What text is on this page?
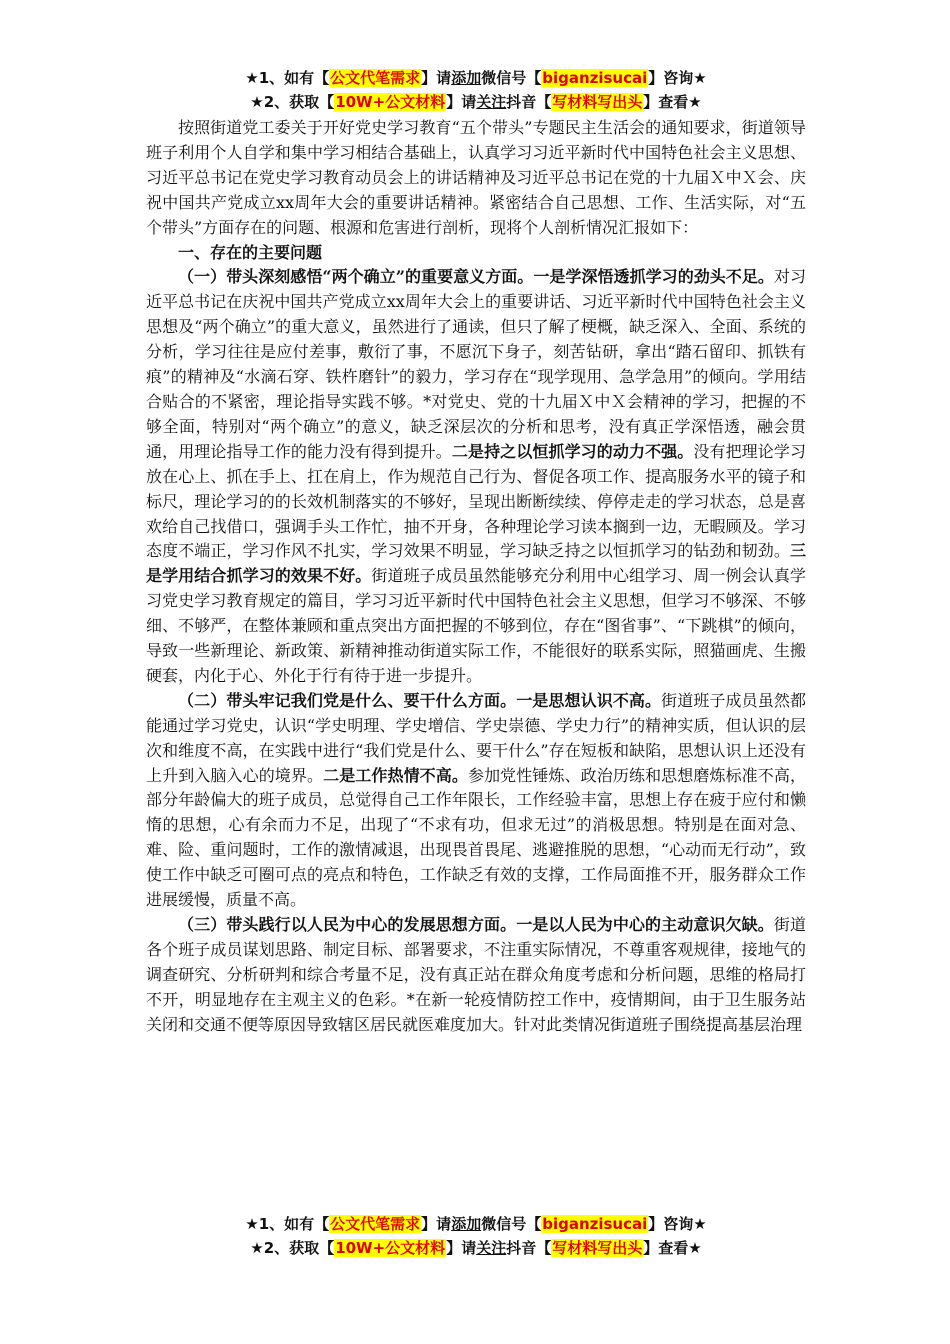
★1、如有【公文代笔需求】请添加微信号【biganzisucai】咨询★
★2、获取【10W+公文材料】请关注抖音【写材料写出头】查看★

按照街道党工委关于开好党史学习教育“五个带头”专题民主生活会的通知要求，街道领导班子利用个人自学和集中学习相结合基础上，认真学习习近平新时代中国特色社会主义思想、习近平总书记在党史学习教育动员会上的讲话精神及习近平总书记在党的十九届Ｘ中Ｘ会、庆祝中国共产党成立xx周年大会的重要讲话精神。紧密结合自己思想、工作、生活实际，对“五个带头”方面存在的问题、根源和危害进行剖析，现将个人剖析情况汇报如下：

一、存在的主要问题

（一）带头深刻感悟“两个确立”的重要意义方面。一是学深悟透抓学习的劲头不足。对习近平总书记在庆祝中国共产党成立xx周年大会上的重要讲话、习近平新时代中国特色社会主义思想及“两个确立”的重大意义，虽然进行了通读，但只了解了梗概，缺乏深入、全面、系统的分析，学习往往是应付差事，敷衍了事，不愿沉下身子，刻苦钻研，拿出“踏石留印、抓铁有痕”的精神及“水滴石穿、铁杵磨针”的毅力，学习存在“现学现用、急学急用”的倾向。学用结合贴合的不紧密，理论指导实践不够。*对党史、党的十九届Ｘ中Ｘ会精神的学习，把握的不够全面，特别对“两个确立”的意义，缺乏深层次的分析和思考，没有真正学深悟透，融会贯通，用理论指导工作的能力没有得到提升。二是持之以恒抓学习的动力不强。没有把理论学习放在心上、抓在手上、扛在肩上，作为规范自己行为、督促各项工作、提高服务水平的镜子和标尺，理论学习的的长效机制落实的不够好，呈现出断断续续、停停走走的学习状态，总是喜欢给自己找借口，强调手头工作忙，抽不开身，各种理论学习读本搁到一边，无暇顾及。学习态度不端正，学习作风不扎实，学习效果不明显，学习缺乏持之以恒抓学习的钻劲和韧劲。三是学用结合抓学习的效果不好。街道班子成员虽然能够充分利用中心组学习、周一例会认真学习党史学习教育规定的篇目，学习习近平新时代中国特色社会主义思想，但学习不够深、不够细、不够严，在整体兼顾和重点突出方面把握的不够到位，存在“图省事”、“下跳棋”的倾向，导致一些新理论、新政策、新精神推动街道实际工作，不能很好的联系实际，照猫画虎、生搬硬套，内化于心、外化于行有待于进一步提升。

（二）带头牢记我们党是什么、要干什么方面。一是思想认识不高。街道班子成员虽然都能通过学习党史，认识“学史明理、学史增信、学史崇德、学史力行”的精神实质，但认识的层次和维度不高，在实践中进行“我们党是什么、要干什么”存在短板和缺陷，思想认识上还没有上升到入脑入心的境界。二是工作热情不高。参加党性锤炼、政治历练和思想磨炼标准不高，部分年龄偏大的班子成员，总觉得自己工作年限长，工作经验丰富，思想上存在疲于应付和懒惰的思想，心有余而力不足，出现了“不求有功，但求无过”的消极思想。特别是在面对急、难、险、重问题时，工作的激情减退，出现畏首畏尾、逃避推脱的思想，“心动而无行动”，致使工作中缺乏可圈可点的亮点和特色，工作缺乏有效的支撑，工作局面推不开，服务群众工作进展缓慢，质量不高。

（三）带头践行以人民为中心的发展思想方面。一是以人民为中心的主动意识欠缺。街道各个班子成员谋划思路、制定目标、部署要求，不注重实际情况，不尊重客观规律，接地气的调查研究、分析研判和综合考量不足，没有真正站在群众角度考虑和分析问题，思维的格局打不开，明显地存在主观主义的色彩。*在新一轮疫情防控工作中，疫情期间，由于卫生服务站关闭和交通不便等原因导致辖区居民就医难度加大。针对此类情况街道班子围绕提高基层治理

★1、如有【公文代笔需求】请添加微信号【biganzisucai】咨询★
★2、获取【10W+公文材料】请关注抖音【写材料写出头】查看★
